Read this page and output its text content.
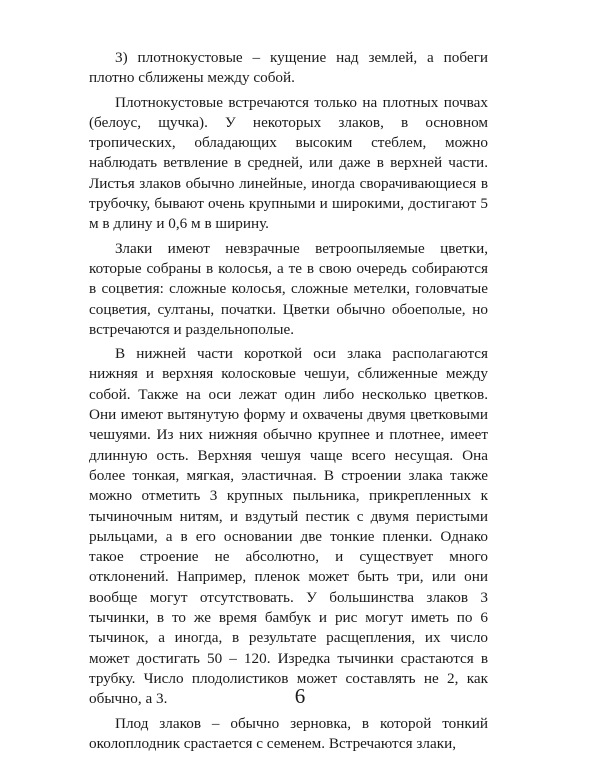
3) плотнокустовые – кущение над землей, а побеги плотно сближены между собой.

Плотнокустовые встречаются только на плотных почвах (белоус, щучка). У некоторых злаков, в основном тропических, обладающих высоким стеблем, можно наблюдать ветвление в средней, или даже в верхней части. Листья злаков обычно линейные, иногда сворачивающиеся в трубочку, бывают очень крупными и широкими, достигают 5 м в длину и 0,6 м в ширину.

Злаки имеют невзрачные ветроопыляемые цветки, которые собраны в колосья, а те в свою очередь собираются в соцветия: сложные колосья, сложные метелки, головчатые соцветия, султаны, початки. Цветки обычно обоеполые, но встречаются и раздельнополые.

В нижней части короткой оси злака располагаются нижняя и верхняя колосковые чешуи, сближенные между собой. Также на оси лежат один либо несколько цветков. Они имеют вытянутую форму и охвачены двумя цветковыми чешуями. Из них нижняя обычно крупнее и плотнее, имеет длинную ость. Верхняя чешуя чаще всего несущая. Она более тонкая, мягкая, эластичная. В строении злака также можно отметить 3 крупных пыльника, прикрепленных к тычиночным нитям, и вздутый пестик с двумя перистыми рыльцами, а в его основании две тонкие пленки. Однако такое строение не абсолютно, и существует много отклонений. Например, пленок может быть три, или они вообще могут отсутствовать. У большинства злаков 3 тычинки, в то же время бамбук и рис могут иметь по 6 тычинок, а иногда, в результате расщепления, их число может достигать 50 – 120. Изредка тычинки срастаются в трубку. Число плодолистиков может составлять не 2, как обычно, а 3.

Плод злаков – обычно зерновка, в которой тонкий околоплодник срастается с семенем. Встречаются злаки,

6
